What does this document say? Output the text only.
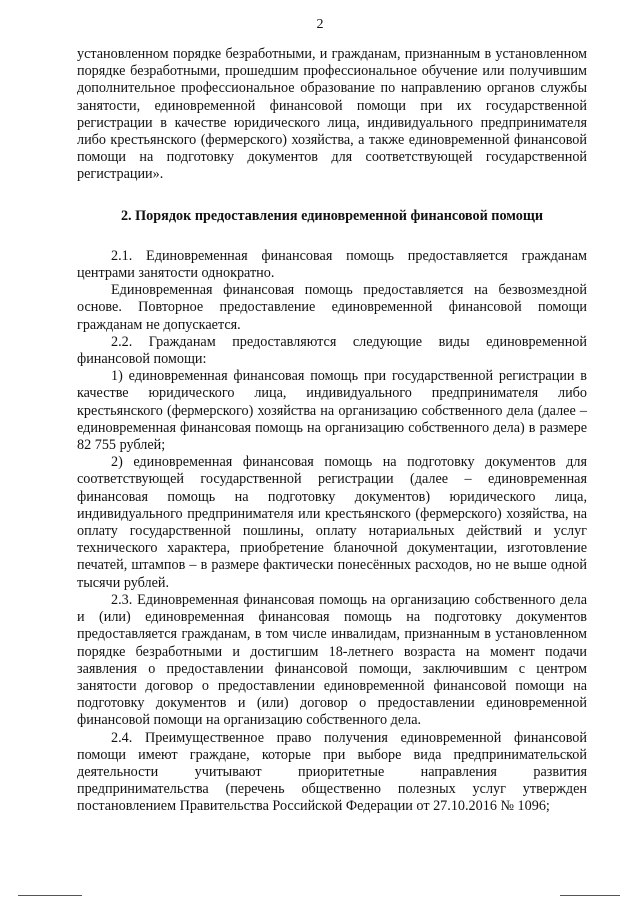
2

установленном порядке безработными, и гражданам, признанным в установленном порядке безработными, прошедшим профессиональное обучение или получившим дополнительное профессиональное образование по направлению органов службы занятости, единовременной финансовой помощи при их государственной регистрации в качестве юридического лица, индивидуального предпринимателя либо крестьянского (фермерского) хозяйства, а также единовременной финансовой помощи на подготовку документов для соответствующей государственной регистрации».

2. Порядок предоставления единовременной финансовой помощи

2.1. Единовременная финансовая помощь предоставляется гражданам центрами занятости однократно.

Единовременная финансовая помощь предоставляется на безвозмездной основе. Повторное предоставление единовременной финансовой помощи гражданам не допускается.

2.2. Гражданам предоставляются следующие виды единовременной финансовой помощи:

1) единовременная финансовая помощь при государственной регистрации в качестве юридического лица, индивидуального предпринимателя либо крестьянского (фермерского) хозяйства на организацию собственного дела (далее – единовременная финансовая помощь на организацию собственного дела) в размере 82 755 рублей;

2) единовременная финансовая помощь на подготовку документов для соответствующей государственной регистрации (далее – единовременная финансовая помощь на подготовку документов) юридического лица, индивидуального предпринимателя или крестьянского (фермерского) хозяйства, на оплату государственной пошлины, оплату нотариальных действий и услуг технического характера, приобретение бланочной документации, изготовление печатей, штампов – в размере фактически понесённых расходов, но не выше одной тысячи рублей.

2.3. Единовременная финансовая помощь на организацию собственного дела и (или) единовременная финансовая помощь на подготовку документов предоставляется гражданам, в том числе инвалидам, признанным в установленном порядке безработными и достигшим 18-летнего возраста на момент подачи заявления о предоставлении финансовой помощи, заключившим с центром занятости договор о предоставлении единовременной финансовой помощи на подготовку документов и (или) договор о предоставлении единовременной финансовой помощи на организацию собственного дела.

2.4. Преимущественное право получения единовременной финансовой помощи имеют граждане, которые при выборе вида предпринимательской деятельности учитывают приоритетные направления развития предпринимательства (перечень общественно полезных услуг утвержден постановлением Правительства Российской Федерации от 27.10.2016 № 1096;
